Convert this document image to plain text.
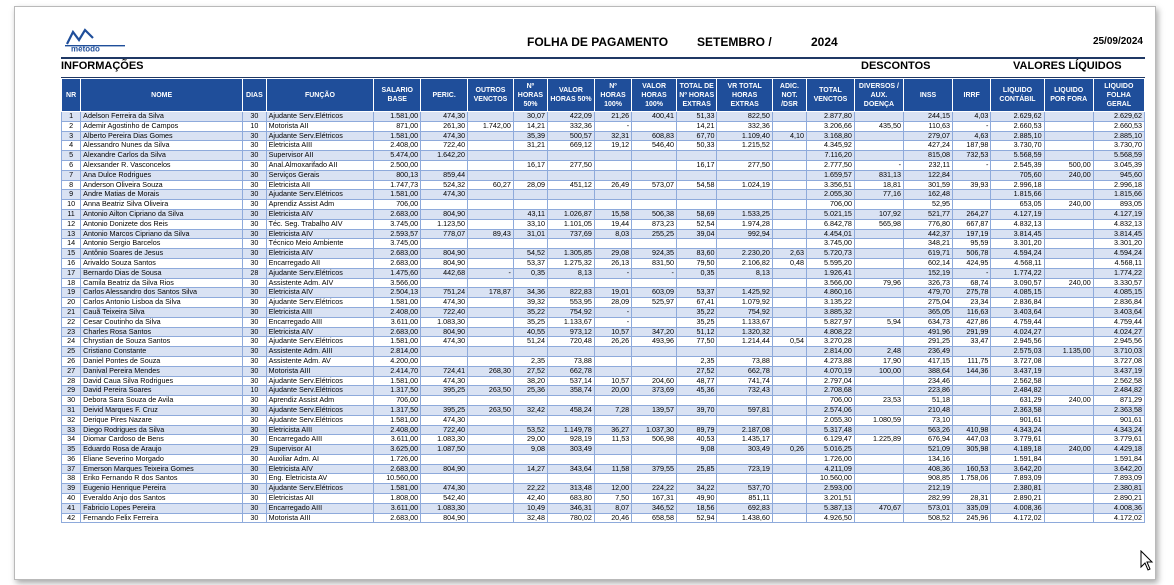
método	FOLHA DE PAGAMENTO SETEMBRO /	2024	25/09/2024
INFORMAÇÕES	DESCONTOS	VALORES LÍQUIDOS
NR	NOME	DIAS	FUNÇÃO	SALARIO BASE	PERIC.	OUTROS VENCTOS	Nº HORAS 50%	VALOR HORAS 50%	Nº HORAS 100%	VALOR HORAS 100%	TOTAL DE Nº HORAS EXTRAS	VR TOTAL HORAS EXTRAS	ADIC. NOT. /DSR	TOTAL VENCTOS	DIVERSOS / AUX. DOENÇA	INSS	IRRF	LIQUIDO CONTÁBIL	LIQUIDO POR FORA	LIQUIDO FOLHA GERAL
1	Adelson Ferreira da Silva	30	Ajudante Serv.Elétricos	1.581,00	474,30		30,07	422,09	21,26	400,41	51,33	822,50		2.877,80		244,15	4,03	2.629,62		2.629,62
2	Ademir Agostinho de Campos	10	Motorista AII	871,00	261,30	1.742,00	14,21	332,36	-		14,21	332,36		3.206,66	435,50	110,63	-	2.660,53		2.660,53
3	Alberto Pereira Dias Gomes	30	Ajudante Serv.Elétricos	1.581,00	474,30		35,39	500,57	32,31	608,83	67,70	1.109,40	4,10	3.168,80		279,07	4,63	2.885,10		2.885,10
4	Alessandro Nunes da Silva	30	Eletricista AIII	2.408,00	722,40		31,21	669,12	19,12	546,40	50,33	1.215,52		4.345,92		427,24	187,98	3.730,70		3.730,70
5	Alexandre Carlos da Silva	30	Supervisor AII	5.474,00	1.642,20									7.116,20		815,08	732,53	5.568,59		5.568,59
6	Alexsander R. Vasconcelos	30	Anal.Almoxarifado AII	2.500,00			16,17	277,50			16,17	277,50		2.777,50	-	232,11	-	2.545,39	500,00	3.045,39
7	Ana Dulce Rodrigues	30	Serviços Gerais	800,13	859,44									1.659,57	831,13	122,84		705,60	240,00	945,60
8	Anderson Oliveira Souza	30	Eletricista AII	1.747,73	524,32	60,27	28,09	451,12	26,49	573,07	54,58	1.024,19		3.356,51	18,81	301,59	39,93	2.996,18		2.996,18
9	Andre Matias de Morais	30	Ajudante Serv.Elétricos	1.581,00	474,30									2.055,30	77,16	162,48		1.815,66		1.815,66
10	Anna Beatriz Silva Oliveira	30	Aprendiz Assist Adm	706,00										706,00		52,95		653,05	240,00	893,05
11	Antonio Ailton Cipriano da Silva	30	Eletricista AIV	2.683,00	804,90		43,11	1.026,87	15,58	506,38	58,69	1.533,25		5.021,15	107,92	521,77	264,27	4.127,19		4.127,19
12	Antonio Donizete dos Reis	30	Téc. Seg. Trabalho AIV	3.745,00	1.123,50		33,10	1.101,05	19,44	873,23	52,54	1.974,28		6.842,78	565,98	776,80	667,87	4.832,13		4.832,13
13	Antonio Marcos Cipriano da Silva	30	Eletricista AIV	2.593,57	778,07	89,43	31,01	737,69	8,03	255,25	39,04	992,94		4.454,01		442,37	197,19	3.814,45		3.814,45
14	Antonio Sergio Barcelos	30	Técnico Meio Ambiente	3.745,00										3.745,00		348,21	95,59	3.301,20		3.301,20
15	Antônio Soares de Jesus	30	Eletricista AIV	2.683,00	804,90		54,52	1.305,85	29,08	924,35	83,60	2.230,20	2,63	5.720,73		619,71	506,78	4.594,24		4.594,24
16	Arivaldo Souza Santos	30	Encarregado AII	2.683,00	804,90		53,37	1.275,32	26,13	831,50	79,50	2.106,82	0,48	5.595,20		602,14	424,95	4.568,11		4.568,11
17	Bernardo Dias de Sousa	28	Ajudante Serv.Elétricos	1.475,60	442,68	-	0,35	8,13	-	-	0,35	8,13		1.926,41		152,19	-	1.774,22		1.774,22
18	Camila Beatriz da Silva Rios	30	Assistente Adm. AIV	3.566,00										3.566,00	79,96	326,73	68,74	3.090,57	240,00	3.330,57
19	Carlos Alessandro dos Santos Silva	30	Eletricista AIV	2.504,13	751,24	178,87	34,36	822,83	19,01	603,09	53,37	1.425,92		4.860,16		479,70	275,78	4.085,15		4.085,15
20	Carlos Antonio Lisboa da Silva	30	Ajudante Serv.Elétricos	1.581,00	474,30		39,32	553,95	28,09	525,97	67,41	1.079,92		3.135,22		275,04	23,34	2.836,84		2.836,84
21	Cauã Teixeira Silva	30	Eletricista AIII	2.408,00	722,40		35,22	754,92	-		35,22	754,92		3.885,32		365,05	116,63	3.403,64		3.403,64
22	Cesar Coutinho da Silva	30	Encarregado AIII	3.611,00	1.083,30		35,25	1.133,67	-		35,25	1.133,67		5.827,97	5,94	634,73	427,86	4.759,44		4.759,44
23	Charles Rosa Santos	30	Eletricista AIV	2.683,00	804,90		40,55	973,12	10,57	347,20	51,12	1.320,32		4.808,22		491,96	291,99	4.024,27		4.024,27
24	Chrystian de Souza Santos	30	Ajudante Serv.Elétricos	1.581,00	474,30		51,24	720,48	26,26	493,96	77,50	1.214,44	0,54	3.270,28		291,25	33,47	2.945,56		2.945,56
25	Cristiano Constante	30	Assistente Adm. AIII	2.814,00										2.814,00	2,48	236,49		2.575,03	1.135,00	3.710,03
26	Daniel Pontes de Souza	30	Assistente Adm. AV	4.200,00			2,35	73,88			2,35	73,88		4.273,88	17,90	417,15	111,75	3.727,08		3.727,08
27	Danival Pereira Mendes	30	Motorista AIII	2.414,70	724,41	268,30	27,52	662,78			27,52	662,78		4.070,19	100,00	388,64	144,36	3.437,19		3.437,19
28	David Caua Silva Rodrigues	30	Ajudante Serv.Elétricos	1.581,00	474,30		38,20	537,14	10,57	204,60	48,77	741,74		2.797,04		234,46		2.562,58		2.562,58
29	David Pereira Soares	10	Ajudante Serv.Elétricos	1.317,50	395,25	263,50	25,36	358,74	20,00	373,69	45,36	732,43		2.708,68		223,86		2.484,82		2.484,82
30	Debora Sara Souza de Avila	30	Aprendiz Assist Adm	706,00										706,00	23,53	51,18		631,29	240,00	871,29
31	Deivid Marques F. Cruz	30	Ajudante Serv.Elétricos	1.317,50	395,25	263,50	32,42	458,24	7,28	139,57	39,70	597,81		2.574,06		210,48		2.363,58		2.363,58
32	Derique Pires Nazare	30	Ajudante Serv.Elétricos	1.581,00	474,30									2.055,30	1.080,59	73,10		901,61		901,61
33	Diego Rodrigues da Silva	30	Eletricista AIII	2.408,00	722,40		53,52	1.149,78	36,27	1.037,30	89,79	2.187,08		5.317,48		563,26	410,98	4.343,24		4.343,24
34	Diomar Cardoso de Bens	30	Encarregado AIII	3.611,00	1.083,30		29,00	928,19	11,53	506,98	40,53	1.435,17		6.129,47	1.225,89	676,94	447,03	3.779,61		3.779,61
35	Eduardo Rosa de Araujo	29	Supervisor AI	3.625,00	1.087,50		9,08	303,49			9,08	303,49	0,26	5.016,25		521,09	305,98	4.189,18	240,00	4.429,18
36	Eliane Severino Morgado	30	Auxiliar Adm. AI	1.726,00										1.726,00		134,16		1.591,84		1.591,84
37	Emerson Marques Teixeira Gomes	30	Eletricista AIV	2.683,00	804,90		14,27	343,64	11,58	379,55	25,85	723,19		4.211,09		408,36	160,53	3.642,20		3.642,20
38	Eriko Fernando R dos Santos	30	Eng. Eletricista AV	10.560,00										10.560,00		908,85	1.758,06	7.893,09		7.893,09
39	Eugenio Henrique Pereira	30	Ajudante Serv.Elétricos	1.581,00	474,30		22,22	313,48	12,00	224,22	34,22	537,70		2.593,00		212,19		2.380,81		2.380,81
40	Everaldo Anjo dos Santos	30	Eletricistas AII	1.808,00	542,40		42,40	683,80	7,50	167,31	49,90	851,11		3.201,51		282,99	28,31	2.890,21		2.890,21
41	Fabricio Lopes Pereira	30	Encarregado AIII	3.611,00	1.083,30		10,49	346,31	8,07	346,52	18,56	692,83		5.387,13	470,67	573,01	335,09	4.008,36		4.008,36
42	Fernando Felix Ferreira	30	Motorista AIII	2.683,00	804,90		32,48	780,02	20,46	658,58	52,94	1.438,60		4.926,50		508,52	245,96	4.172,02		4.172,02
